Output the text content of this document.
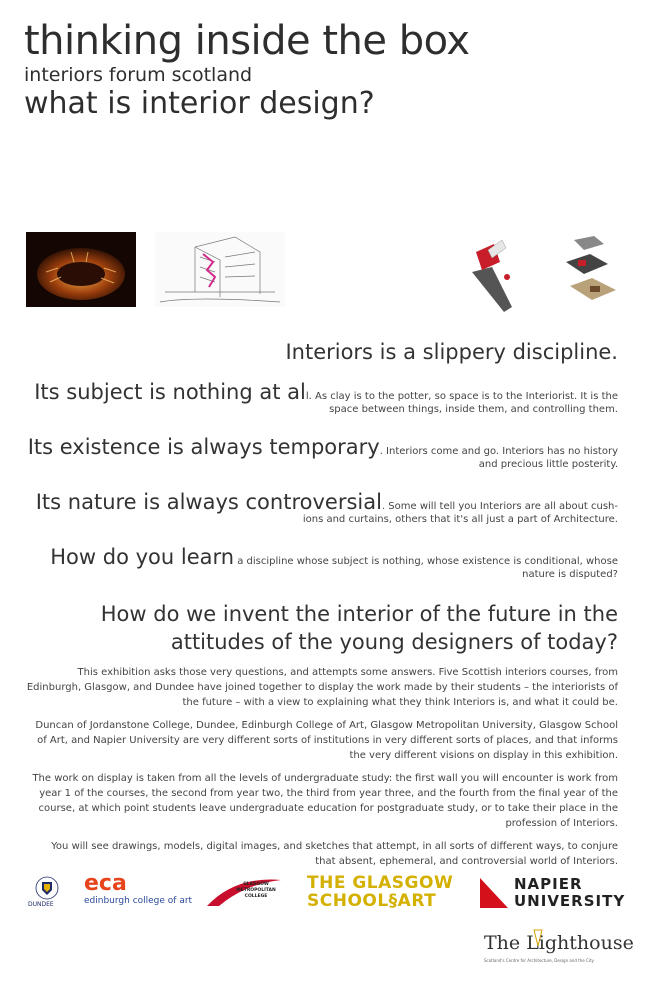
thinking inside the box
interiors forum scotland
what is interior design?
Interiors is a slippery discipline.
Its subject is nothing at all. As clay is to the potter, so space is to the Interiorist. It is the
space between things, inside them, and controlling them.
Its existence is always temporary. Interiors come and go. Interiors has no history
and precious little posterity.
Its nature is always controversial. Some will tell you Interiors are all about cush-
ions and curtains, others that it's all just a part of Architecture.
How do you learn a discipline whose subject is nothing, whose existence is conditional, whose
nature is disputed?
How do we invent the interior of the future in the
attitudes of the young designers of today?
This exhibition asks those very questions, and attempts some answers. Five Scottish interiors courses, from
Edinburgh, Glasgow, and Dundee have joined together to display the work made by their students – the interiorists of
the future – with a view to explaining what they think Interiors is, and what it could be.
Duncan of Jordanstone College, Dundee, Edinburgh College of Art, Glasgow Metropolitan University, Glasgow School
of Art, and Napier University are very different sorts of institutions in very different sorts of places, and that informs
the very different visions on display in this exhibition.
The work on display is taken from all the levels of undergraduate study: the first wall you will encounter is work from
year 1 of the courses, the second from year two, the third from year three, and the fourth from the final year of the
course, at which point students leave undergraduate education for postgraduate study, or to take their place in the
profession of Interiors.
You will see drawings, models, digital images, and sketches that attempt, in all sorts of different ways, to conjure
that absent, ephemeral, and controversial world of Interiors.
DUNDEE
eca
edinburgh college of art
GLASGOW METROPOLITAN COLLEGE
THE GLASGOW
SCHOOL§ART
NAPIER
UNIVERSITY
The Lighthouse
Scotland's Centre for Architecture, Design and the City
